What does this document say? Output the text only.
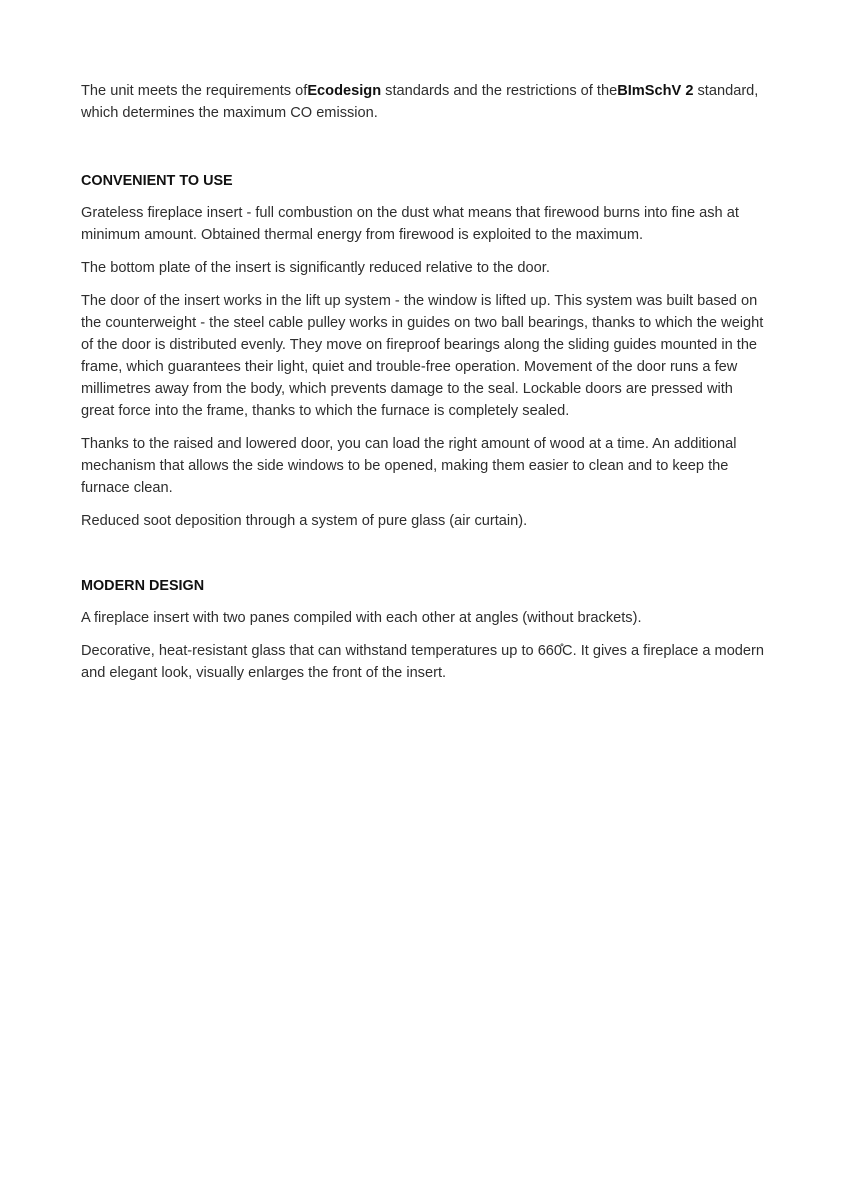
The unit meets the requirements ofEcodesign standards and the restrictions of theBImSchV 2 standard, which determines the maximum CO emission.

CONVENIENT TO USE

Grateless fireplace insert - full combustion on the dust what means that firewood burns into fine ash at minimum amount. Obtained thermal energy from firewood is exploited to the maximum.

The bottom plate of the insert is significantly reduced relative to the door.

The door of the insert works in the lift up system - the window is lifted up. This system was built based on the counterweight - the steel cable pulley works in guides on two ball bearings, thanks to which the weight of the door is distributed evenly. They move on fireproof bearings along the sliding guides mounted in the frame, which guarantees their light, quiet and trouble-free operation. Movement of the door runs a few millimetres away from the body, which prevents damage to the seal. Lockable doors are pressed with great force into the frame, thanks to which the furnace is completely sealed.

Thanks to the raised and lowered door, you can load the right amount of wood at a time. An additional mechanism that allows the side windows to be opened, making them easier to clean and to keep the furnace clean.

Reduced soot deposition through a system of pure glass (air curtain).

MODERN DESIGN

A fireplace insert with two panes compiled with each other at angles (without brackets).

Decorative, heat-resistant glass that can withstand temperatures up to 660̊C. It gives a fireplace a modern and elegant look, visually enlarges the front of the insert.
